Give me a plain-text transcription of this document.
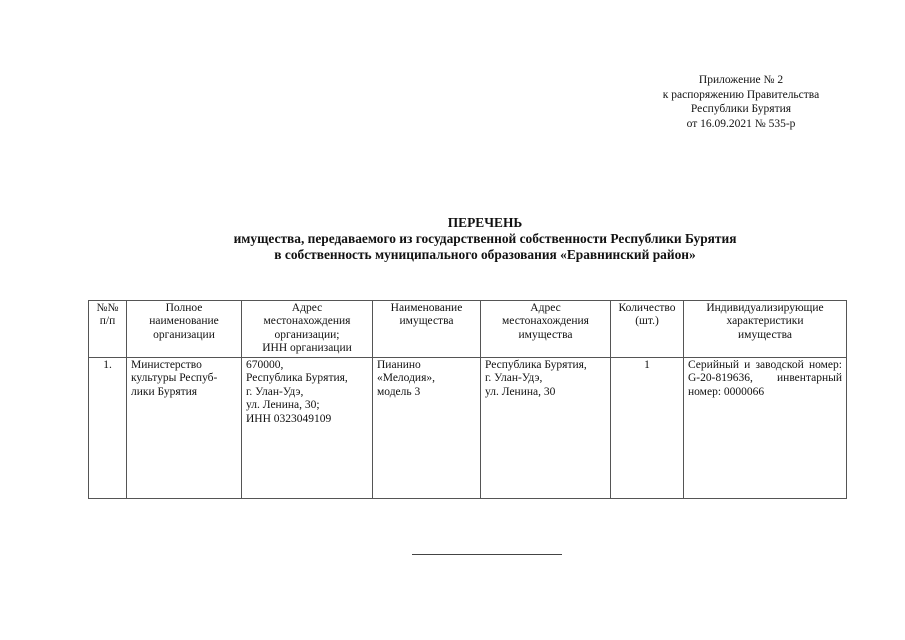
Приложение № 2
к распоряжению Правительства
Республики Бурятия
от 16.09.2021 № 535-р
ПЕРЕЧЕНЬ
имущества, передаваемого из государственной собственности Республики Бурятия
в собственность муниципального образования «Еравнинский район»
№№
п/п	Полное
наименование
организации	Адрес
местонахождения
организации;
ИНН организации	Наименование
имущества	Адрес
местонахождения
имущества	Количество
(шт.)	Индивидуализирующие
характеристики
имущества

1.	Министерство
культуры Респуб-
лики Бурятия	670000,
Республика Бурятия,
г. Улан-Удэ,
ул. Ленина, 30;
ИНН 0323049109	Пианино
«Мелодия»,
модель 3	Республика Бурятия,
г. Улан-Удэ,
ул. Ленина, 30	1	Серийный и заводской номер: G-20-819636, инвентарный номер: 0000066
